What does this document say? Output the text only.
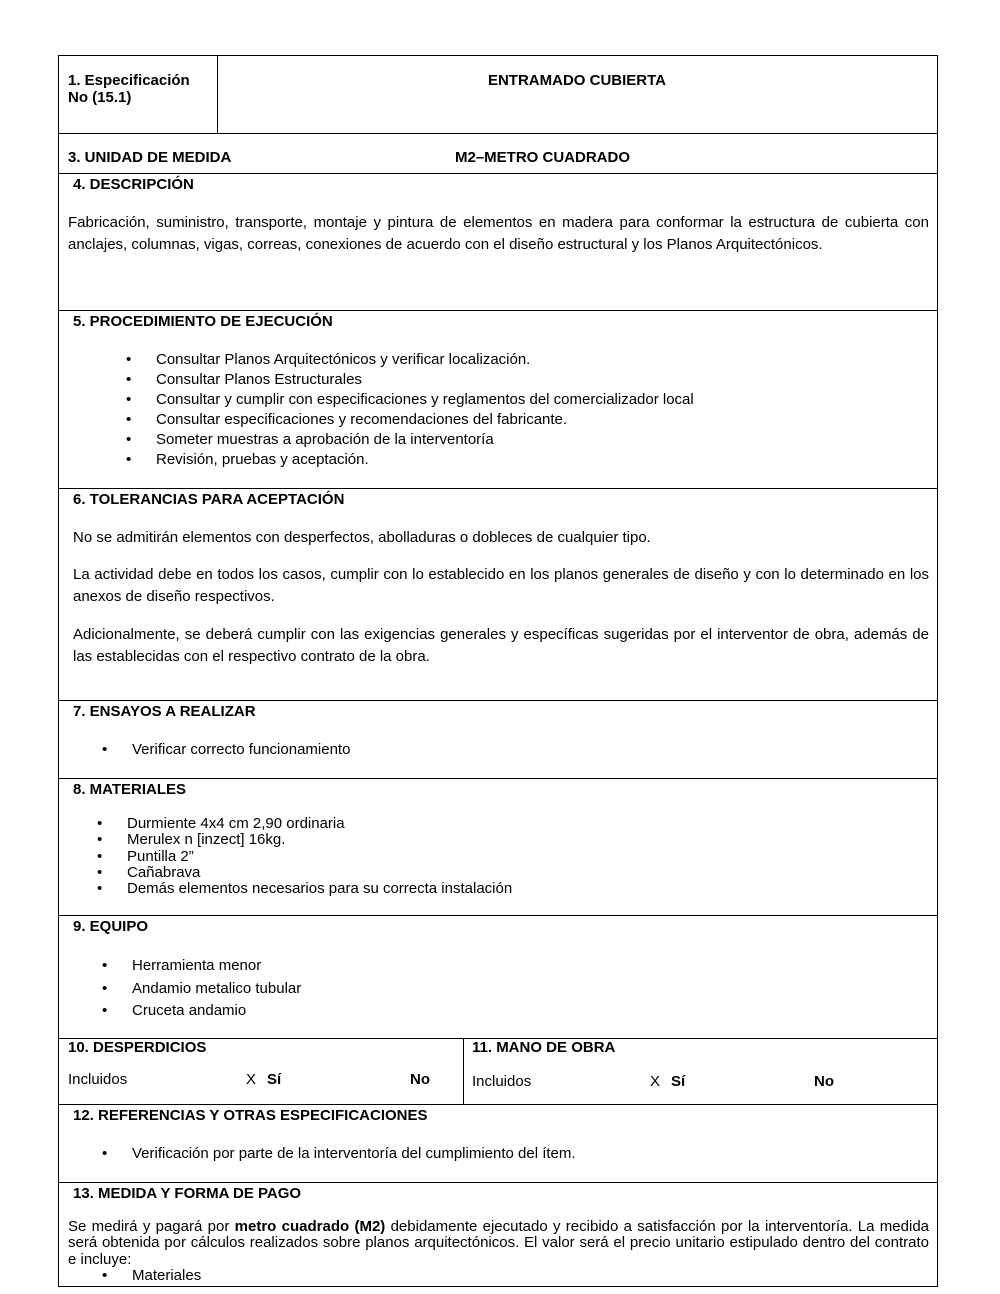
1. Especificación No (15.1)
ENTRAMADO CUBIERTA
3. UNIDAD DE MEDIDA	M2–METRO CUADRADO
4. DESCRIPCIÓN
Fabricación, suministro, transporte, montaje y pintura de elementos en madera para conformar la estructura de cubierta con anclajes, columnas, vigas, correas, conexiones de acuerdo con el diseño estructural y los Planos Arquitectónicos.
5. PROCEDIMIENTO DE EJECUCIÓN
• Consultar Planos Arquitectónicos y verificar localización.
• Consultar Planos Estructurales
• Consultar y cumplir con especificaciones y reglamentos del comercializador local
• Consultar especificaciones y recomendaciones del fabricante.
• Someter muestras a aprobación de la interventoría
• Revisión, pruebas y aceptación.
6. TOLERANCIAS PARA ACEPTACIÓN

No se admitirán elementos con desperfectos, abolladuras o dobleces de cualquier tipo.

La actividad debe en todos los casos, cumplir con lo establecido en los planos generales de diseño y con lo determinado en los anexos de diseño respectivos.

Adicionalmente, se deberá cumplir con las exigencias generales y específicas sugeridas por el interventor de obra, además de las establecidas con el respectivo contrato de la obra.

7. ENSAYOS A REALIZAR
• Verificar correcto funcionamiento
8. MATERIALES
• Durmiente 4x4 cm 2,90 ordinaria
• Merulex n [inzect] 16kg.
• Puntilla 2”
• Cañabrava
• Demás elementos necesarios para su correcta instalación
9. EQUIPO
• Herramienta menor
• Andamio metalico tubular
• Cruceta andamio
10. DESPERDICIOS
Incluidos	X Sí	No
11. MANO DE OBRA
Incluidos	X Sí	No
12. REFERENCIAS Y OTRAS ESPECIFICACIONES
• Verificación por parte de la interventoría del cumplimiento del ítem.
13. MEDIDA Y FORMA DE PAGO

Se medirá y pagará por metro cuadrado (M2) debidamente ejecutado y recibido a satisfacción por la interventoría. La medida será obtenida por cálculos realizados sobre planos arquitectónicos. El valor será el precio unitario estipulado dentro del contrato e incluye:

• Materiales
